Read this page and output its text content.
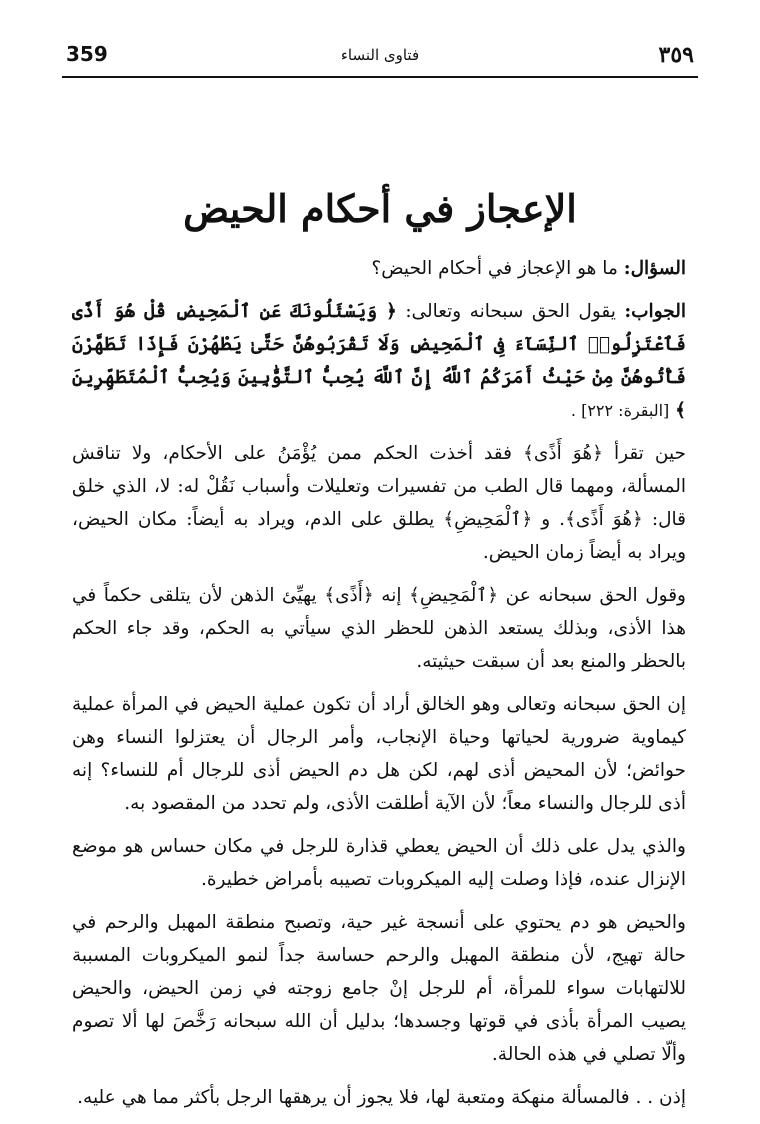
٣٥٩
فتاوى النساء
359
الإعجاز في أحكام الحيض

السؤال: ما هو الإعجاز في أحكام الحيض؟

الجواب: يقول الحق سبحانه وتعالى: ﴿ وَيَسْئَلُونَكَ عَنِ ٱلْمَحِيضِ قُلْ هُوَ أَذًى فَٱعْتَزِلُوا۟ ٱلنِّسَآءَ فِى ٱلْمَحِيضِ وَلَا تَقْرَبُوهُنَّ حَتَّىٰ يَطْهُرْنَ فَإِذَا تَطَهَّرْنَ فَأْتُوهُنَّ مِنْ حَيْثُ أَمَرَكُمُ ٱللَّهُ إِنَّ ٱللَّهَ يُحِبُّ ٱلتَّوَّٰبِينَ وَيُحِبُّ ٱلْمُتَطَهِّرِينَ ﴾ [البقرة: ٢٢٢] .

حين تقرأ ﴿هُوَ أَذًى﴾ فقد أخذت الحكم ممن يُؤْمَنُ على الأحكام، ولا تناقش المسألة، ومهما قال الطب من تفسيرات وتعليلات وأسباب نَقُلْ له: لا، الذي خلق قال: ﴿هُوَ أَذًى﴾. و ﴿ٱلْمَحِيضِ﴾ يطلق على الدم، ويراد به أيضاً: مكان الحيض، ويراد به أيضاً زمان الحيض.

وقول الحق سبحانه عن ﴿ٱلْمَحِيضِ﴾ إنه ﴿أَذًى﴾ يهيِّئ الذهن لأن يتلقى حكماً في هذا الأذى، وبذلك يستعد الذهن للحظر الذي سيأتي به الحكم، وقد جاء الحكم بالحظر والمنع بعد أن سبقت حيثيته.

إن الحق سبحانه وتعالى وهو الخالق أراد أن تكون عملية الحيض في المرأة عملية كيماوية ضرورية لحياتها وحياة الإنجاب، وأمر الرجال أن يعتزلوا النساء وهن حوائض؛ لأن المحيض أذى لهم، لكن هل دم الحيض أذى للرجال أم للنساء؟ إنه أذى للرجال والنساء معاً؛ لأن الآية أطلقت الأذى، ولم تحدد من المقصود به.

والذي يدل على ذلك أن الحيض يعطي قذارة للرجل في مكان حساس هو موضع الإنزال عنده، فإذا وصلت إليه الميكروبات تصيبه بأمراض خطيرة.

والحيض هو دم يحتوي على أنسجة غير حية، وتصبح منطقة المهبل والرحم في حالة تهيج، لأن منطقة المهبل والرحم حساسة جداً لنمو الميكروبات المسببة للالتهابات سواء للمرأة، أم للرجل إنْ جامع زوجته في زمن الحيض، والحيض يصيب المرأة بأذى في قوتها وجسدها؛ بدليل أن الله سبحانه رَخَّصَ لها ألا تصوم وألّا تصلي في هذه الحالة.

إذن . . فالمسألة منهكة ومتعبة لها، فلا يجوز أن يرهقها الرجل بأكثر مما هي عليه.
